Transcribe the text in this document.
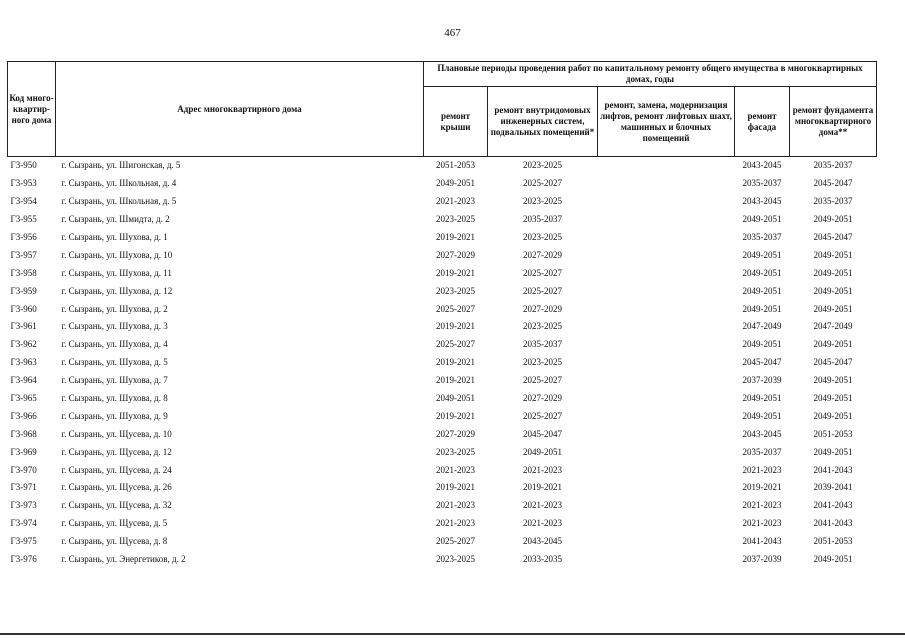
467
Код много-квартир-ного дома	Адрес многоквартирного дома	Плановые периоды проведения работ по капитальному ремонту общего имущества в многоквартирных домах, годы				
		ремонт крыши	ремонт внутридомовых инженерных систем, подвальных помещений*	ремонт, замена, модернизация лифтов, ремонт лифтовых шахт, машинных и блочных помещений	ремонт фасада	ремонт фундамента многоквартирного дома**
Г3-950	г. Сызрань, ул. Шигонская, д. 5	2051-2053	2023-2025		2043-2045	2035-2037
Г3-953	г. Сызрань, ул. Школьная, д. 4	2049-2051	2025-2027		2035-2037	2045-2047
Г3-954	г. Сызрань, ул. Школьная, д. 5	2021-2023	2023-2025		2043-2045	2035-2037
Г3-955	г. Сызрань, ул. Шмидта, д. 2	2023-2025	2035-2037		2049-2051	2049-2051
Г3-956	г. Сызрань, ул. Шухова, д. 1	2019-2021	2023-2025		2035-2037	2045-2047
Г3-957	г. Сызрань, ул. Шухова, д. 10	2027-2029	2027-2029		2049-2051	2049-2051
Г3-958	г. Сызрань, ул. Шухова, д. 11	2019-2021	2025-2027		2049-2051	2049-2051
Г3-959	г. Сызрань, ул. Шухова, д. 12	2023-2025	2025-2027		2049-2051	2049-2051
Г3-960	г. Сызрань, ул. Шухова, д. 2	2025-2027	2027-2029		2049-2051	2049-2051
Г3-961	г. Сызрань, ул. Шухова, д. 3	2019-2021	2023-2025		2047-2049	2047-2049
Г3-962	г. Сызрань, ул. Шухова, д. 4	2025-2027	2035-2037		2049-2051	2049-2051
Г3-963	г. Сызрань, ул. Шухова, д. 5	2019-2021	2023-2025		2045-2047	2045-2047
Г3-964	г. Сызрань, ул. Шухова, д. 7	2019-2021	2025-2027		2037-2039	2049-2051
Г3-965	г. Сызрань, ул. Шухова, д. 8	2049-2051	2027-2029		2049-2051	2049-2051
Г3-966	г. Сызрань, ул. Шухова, д. 9	2019-2021	2025-2027		2049-2051	2049-2051
Г3-968	г. Сызрань, ул. Щусева, д. 10	2027-2029	2045-2047		2043-2045	2051-2053
Г3-969	г. Сызрань, ул. Щусева, д. 12	2023-2025	2049-2051		2035-2037	2049-2051
Г3-970	г. Сызрань, ул. Щусева, д. 24	2021-2023	2021-2023		2021-2023	2041-2043
Г3-971	г. Сызрань, ул. Щусева, д. 26	2019-2021	2019-2021		2019-2021	2039-2041
Г3-973	г. Сызрань, ул. Щусева, д. 32	2021-2023	2021-2023		2021-2023	2041-2043
Г3-974	г. Сызрань, ул. Щусева, д. 5	2021-2023	2021-2023		2021-2023	2041-2043
Г3-975	г. Сызрань, ул. Щусева, д. 8	2025-2027	2043-2045		2041-2043	2051-2053
Г3-976	г. Сызрань, ул. Энергетиков, д. 2	2023-2025	2033-2035		2037-2039	2049-2051
